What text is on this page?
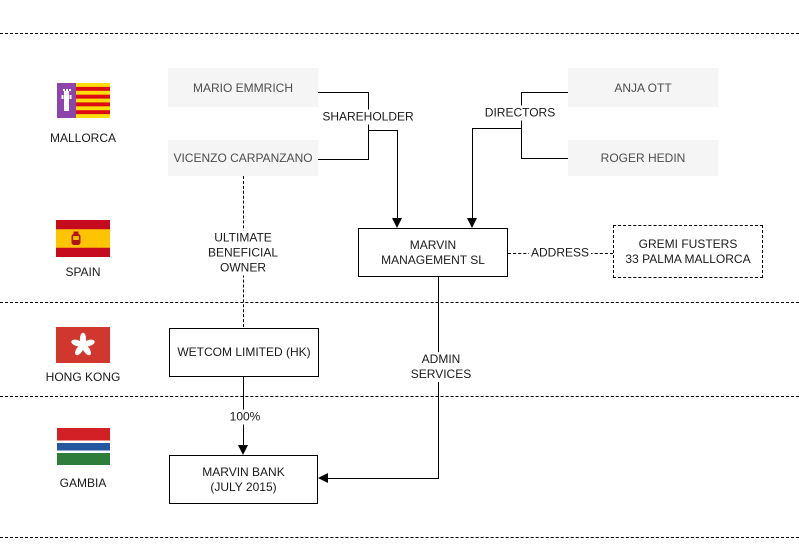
MALLORCA
SPAIN
HONG KONG
GAMBIA
MARIO EMMRICH
VICENZO CARPANZANO
ANJA OTT
ROGER HEDIN
MARVIN
MANAGEMENT SL
GREMI FUSTERS
33 PALMA MALLORCA
WETCOM LIMITED (HK)
MARVIN BANK
(JULY 2015)
SHAREHOLDER	DIRECTORS
ULTIMATE
BENEFICIAL
OWNER
ADMIN
SERVICES
100%
ADDRESS
